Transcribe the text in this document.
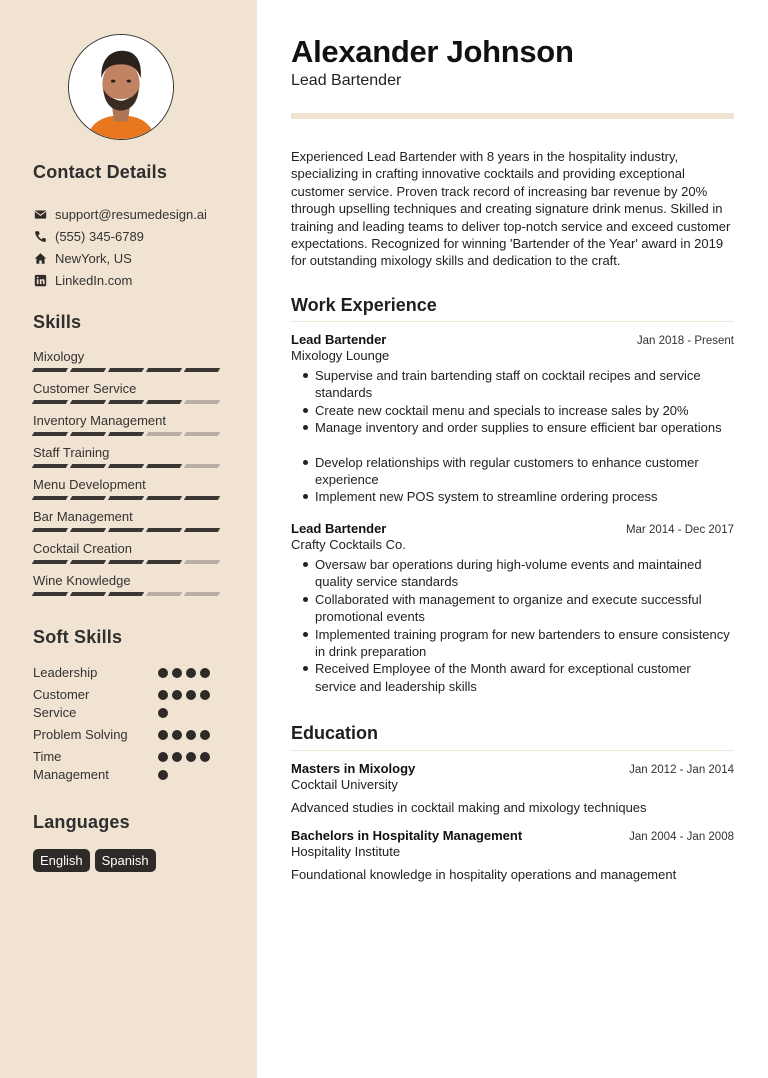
Contact Details
support@resumedesign.ai
(555) 345-6789
NewYork, US
LinkedIn.com
Skills
Mixology
Customer Service
Inventory Management
Staff Training
Menu Development
Bar Management
Cocktail Creation
Wine Knowledge
Soft Skills
Leadership
Customer Service
Problem Solving
Time Management
Languages
English	Spanish
Alexander Johnson
Lead Bartender
Experienced Lead Bartender with 8 years in the hospitality industry, specializing in crafting innovative cocktails and providing exceptional customer service. Proven track record of increasing bar revenue by 20% through upselling techniques and creating signature drink menus. Skilled in training and leading teams to deliver top-notch service and exceed customer expectations. Recognized for winning 'Bartender of the Year' award in 2019 for outstanding mixology skills and dedication to the craft.
Work Experience
Lead Bartender	Jan 2018 - Present
Mixology Lounge
Supervise and train bartending staff on cocktail recipes and service standards
Create new cocktail menu and specials to increase sales by 20%
Manage inventory and order supplies to ensure efficient bar operations
Develop relationships with regular customers to enhance customer experience
Implement new POS system to streamline ordering process
Lead Bartender	Mar 2014 - Dec 2017
Crafty Cocktails Co.
Oversaw bar operations during high-volume events and maintained quality service standards
Collaborated with management to organize and execute successful promotional events
Implemented training program for new bartenders to ensure consistency in drink preparation
Received Employee of the Month award for exceptional customer service and leadership skills
Education
Masters in Mixology	Jan 2012 - Jan 2014
Cocktail University
Advanced studies in cocktail making and mixology techniques
Bachelors in Hospitality Management	Jan 2004 - Jan 2008
Hospitality Institute
Foundational knowledge in hospitality operations and management
